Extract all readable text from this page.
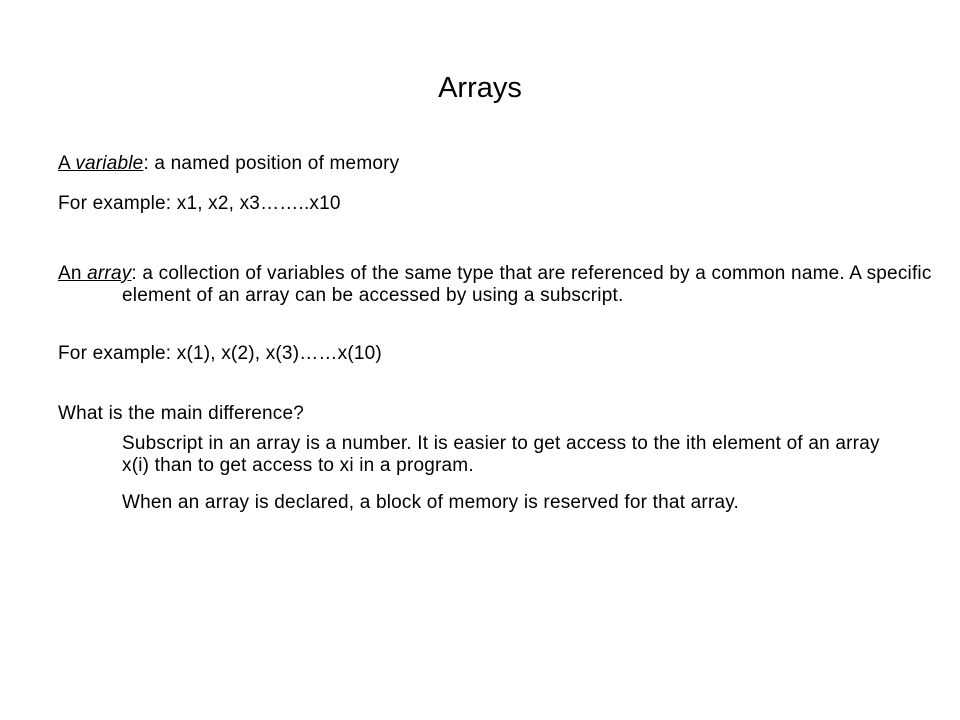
Arrays
A variable: a named position of memory
For example: x1, x2, x3……..x10
An array: a collection of variables of the same type that are referenced by a common name. A specific element of an array can be accessed by using a subscript.
For example: x(1), x(2), x(3)……x(10)
What is the main difference?
Subscript in an array is a number. It is easier to get access to the ith element of an array x(i) than to get access to xi in a program.
When an array is declared, a block of memory is reserved for that array.
